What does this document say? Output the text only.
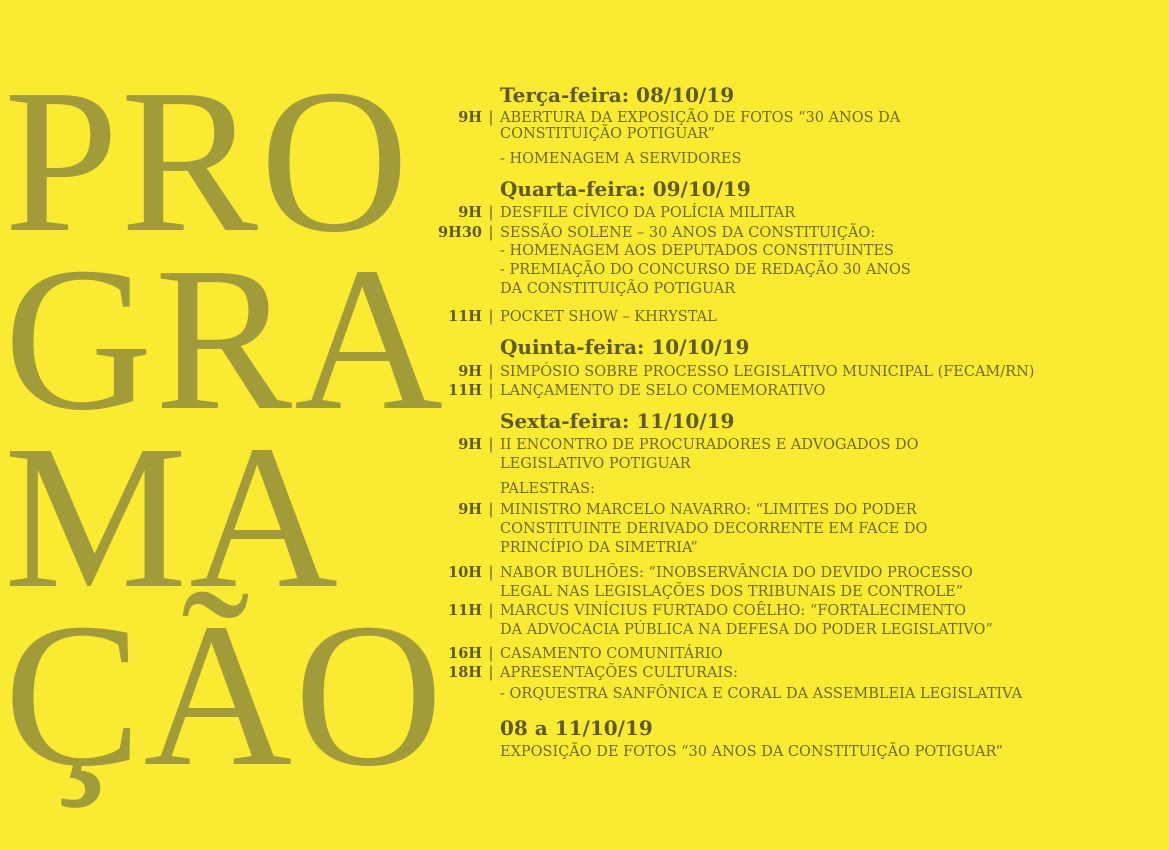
PRO
GRA
MA
ÇÃO
Terça-feira: 08/10/19
9H | ABERTURA DA EXPOSIÇÃO DE FOTOS “30 ANOS DA
CONSTITUIÇÃO POTIGUAR”
- HOMENAGEM A SERVIDORES
Quarta-feira: 09/10/19
9H | DESFILE CÍVICO DA POLÍCIA MILITAR
9H30 | SESSÃO SOLENE – 30 ANOS DA CONSTITUIÇÃO:
- HOMENAGEM AOS DEPUTADOS CONSTITUINTES
- PREMIAÇÃO DO CONCURSO DE REDAÇÃO 30 ANOS
DA CONSTITUIÇÃO POTIGUAR
11H | POCKET SHOW – KHRYSTAL
Quinta-feira: 10/10/19
9H | SIMPÓSIO SOBRE PROCESSO LEGISLATIVO MUNICIPAL (FECAM/RN)
11H | LANÇAMENTO DE SELO COMEMORATIVO
Sexta-feira: 11/10/19
9H | II ENCONTRO DE PROCURADORES E ADVOGADOS DO
LEGISLATIVO POTIGUAR
PALESTRAS:
9H | MINISTRO MARCELO NAVARRO: “LIMITES DO PODER
CONSTITUINTE DERIVADO DECORRENTE EM FACE DO
PRINCÍPIO DA SIMETRIA”
10H | NABOR BULHÕES: “INOBSERVÂNCIA DO DEVIDO PROCESSO
LEGAL NAS LEGISLAÇÕES DOS TRIBUNAIS DE CONTROLE”
11H | MARCUS VINÍCIUS FURTADO COÊLHO: “FORTALECIMENTO
DA ADVOCACIA PÚBLICA NA DEFESA DO PODER LEGISLATIVO”
16H | CASAMENTO COMUNITÁRIO
18H | APRESENTAÇÕES CULTURAIS:
- ORQUESTRA SANFÔNICA E CORAL DA ASSEMBLEIA LEGISLATIVA
08 a 11/10/19
EXPOSIÇÃO DE FOTOS “30 ANOS DA CONSTITUIÇÃO POTIGUAR”
